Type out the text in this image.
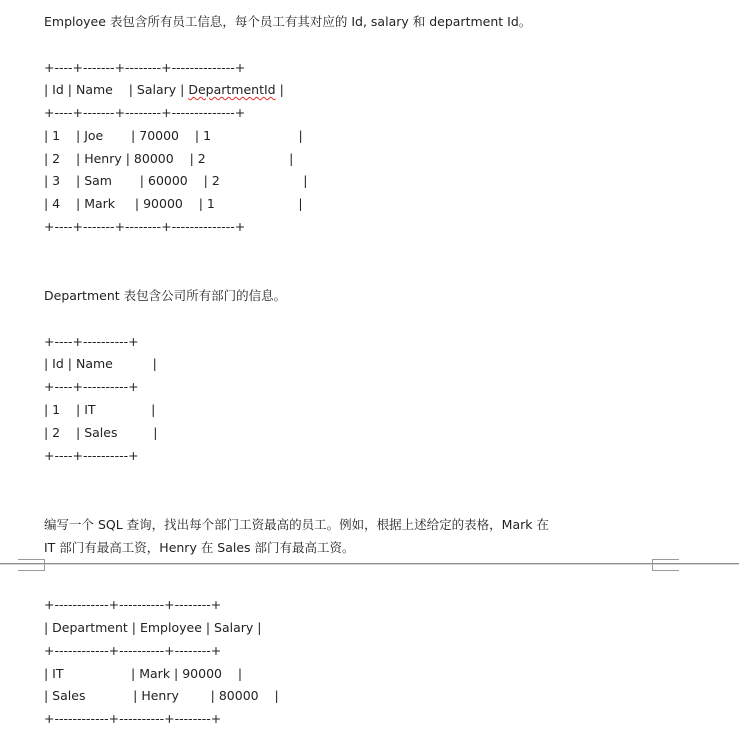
Employee 表包含所有员工信息，每个员工有其对应的 Id, salary 和 department Id。
+----+-------+--------+--------------+
| Id | Name    | Salary | DepartmentId |
+----+-------+--------+--------------+
| 1    | Joe       | 70000    | 1                      |
| 2    | Henry | 80000    | 2                     |
| 3    | Sam       | 60000    | 2                     |
| 4    | Mark     | 90000    | 1                     |
+----+-------+--------+--------------+
Department 表包含公司所有部门的信息。
+----+----------+
| Id | Name          |
+----+----------+
| 1    | IT              |
| 2    | Sales         |
+----+----------+
编写一个 SQL 查询，找出每个部门工资最高的员工。例如，根据上述给定的表格，Mark 在
IT 部门有最高工资，Henry 在 Sales 部门有最高工资。
+------------+----------+--------+
| Department | Employee | Salary |
+------------+----------+--------+
| IT                 | Mark | 90000    |
| Sales            | Henry        | 80000    |
+------------+----------+--------+
